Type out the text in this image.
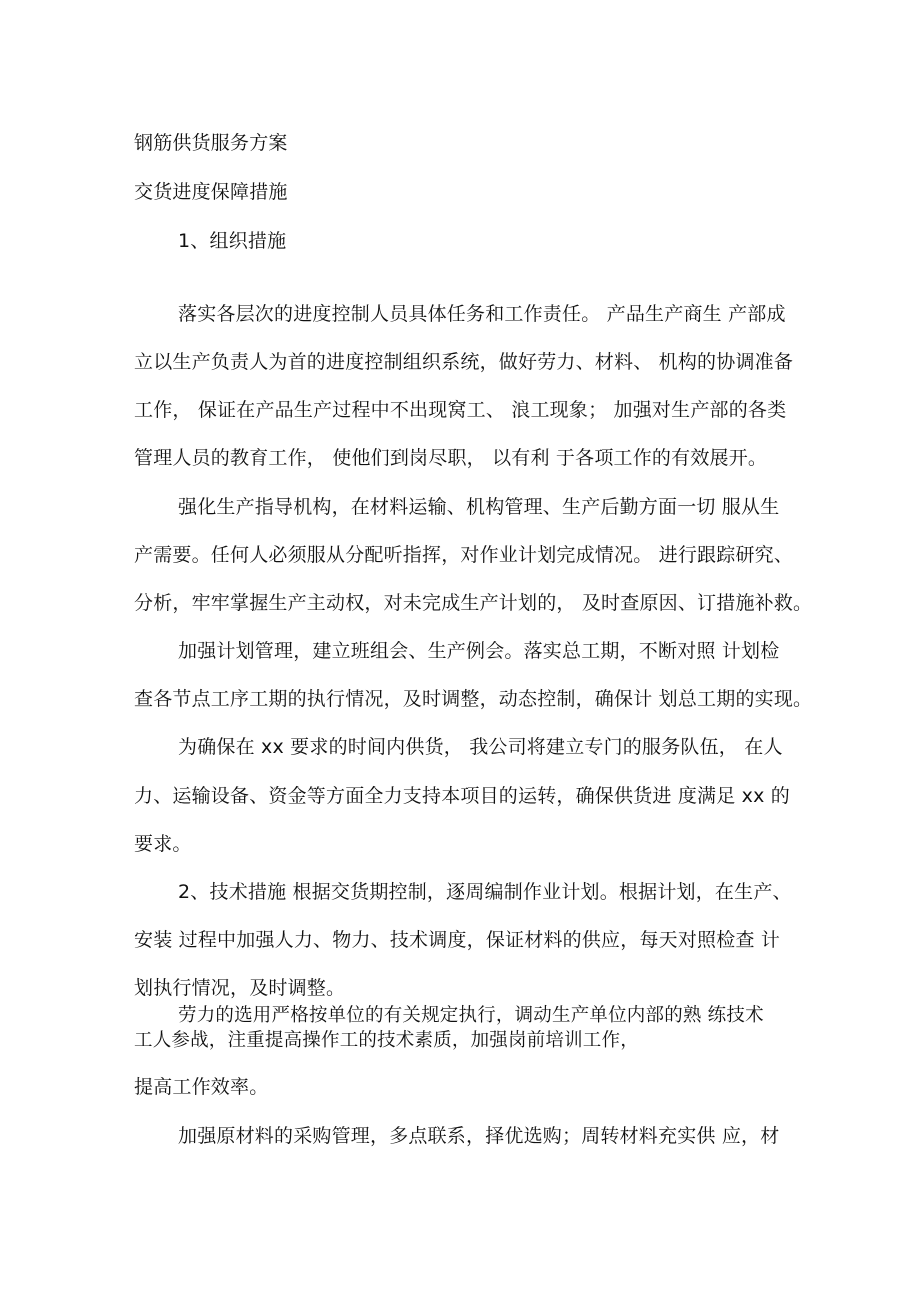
钢筋供货服务方案
交货进度保障措施
1、组织措施
落实各层次的进度控制人员具体任务和工作责任。 产品生产商生 产部成
立以生产负责人为首的进度控制组织系统，做好劳力、材料、 机构的协调准备
工作， 保证在产品生产过程中不出现窝工、 浪工现象； 加强对生产部的各类
管理人员的教育工作， 使他们到岗尽职， 以有利 于各项工作的有效展开。
强化生产指导机构，在材料运输、机构管理、生产后勤方面一切 服从生
产需要。任何人必须服从分配听指挥，对作业计划完成情况。 进行跟踪研究、
分析，牢牢掌握生产主动权，对未完成生产计划的， 及时查原因、订措施补救。
加强计划管理，建立班组会、生产例会。落实总工期，不断对照 计划检
查各节点工序工期的执行情况，及时调整，动态控制，确保计 划总工期的实现。
为确保在 xx 要求的时间内供货， 我公司将建立专门的服务队伍， 在人
力、运输设备、资金等方面全力支持本项目的运转，确保供货进 度满足 xx 的
要求。
2、技术措施 根据交货期控制，逐周编制作业计划。根据计划，在生产、
安装 过程中加强人力、物力、技术调度，保证材料的供应，每天对照检查 计
划执行情况，及时调整。
劳力的选用严格按单位的有关规定执行，调动生产单位内部的熟 练技术
工人参战，注重提高操作工的技术素质，加强岗前培训工作，
提高工作效率。
加强原材料的采购管理，多点联系，择优选购；周转材料充实供 应，材
